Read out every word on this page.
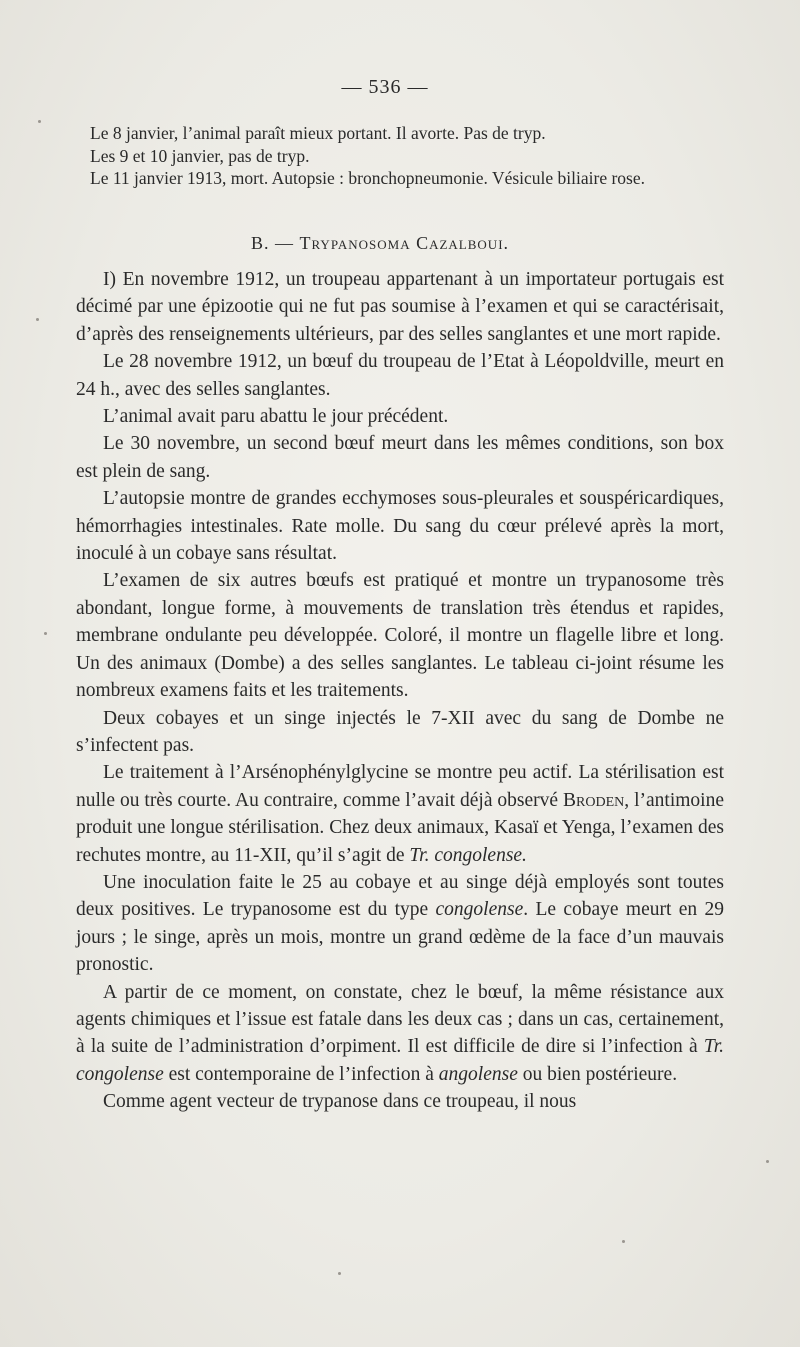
— 536 —

Le 8 janvier, l’animal paraît mieux portant. Il avorte. Pas de tryp.

Les 9 et 10 janvier, pas de tryp.

Le 11 janvier 1913, mort. Autopsie : bronchopneumonie. Vésicule biliaire rose.

B. — Trypanosoma Cazalboui.

I) En novembre 1912, un troupeau appartenant à un importateur portugais est décimé par une épizootie qui ne fut pas soumise à l’examen et qui se caractérisait, d’après des renseignements ultérieurs, par des selles sanglantes et une mort rapide.

Le 28 novembre 1912, un bœuf du troupeau de l’Etat à Léopoldville, meurt en 24 h., avec des selles sanglantes.

L’animal avait paru abattu le jour précédent.

Le 30 novembre, un second bœuf meurt dans les mêmes conditions, son box est plein de sang.

L’autopsie montre de grandes ecchymoses sous-pleurales et souspéricardiques, hémorrhagies intestinales. Rate molle. Du sang du cœur prélevé après la mort, inoculé à un cobaye sans résultat.

L’examen de six autres bœufs est pratiqué et montre un trypanosome très abondant, longue forme, à mouvements de translation très étendus et rapides, membrane ondulante peu développée. Coloré, il montre un flagelle libre et long. Un des animaux (Dombe) a des selles sanglantes. Le tableau ci-joint résume les nombreux examens faits et les traitements.

Deux cobayes et un singe injectés le 7-XII avec du sang de Dombe ne s’infectent pas.

Le traitement à l’Arsénophénylglycine se montre peu actif. La stérilisation est nulle ou très courte. Au contraire, comme l’avait déjà observé Broden, l’antimoine produit une longue stérilisation. Chez deux animaux, Kasaï et Yenga, l’examen des rechutes montre, au 11-XII, qu’il s’agit de Tr. congolense.

Une inoculation faite le 25 au cobaye et au singe déjà employés sont toutes deux positives. Le trypanosome est du type congolense. Le cobaye meurt en 29 jours ; le singe, après un mois, montre un grand œdème de la face d’un mauvais pronostic.

A partir de ce moment, on constate, chez le bœuf, la même résistance aux agents chimiques et l’issue est fatale dans les deux cas ; dans un cas, certainement, à la suite de l’administration d’orpiment. Il est difficile de dire si l’infection à Tr. congolense est contemporaine de l’infection à angolense ou bien postérieure.

Comme agent vecteur de trypanose dans ce troupeau, il nous
